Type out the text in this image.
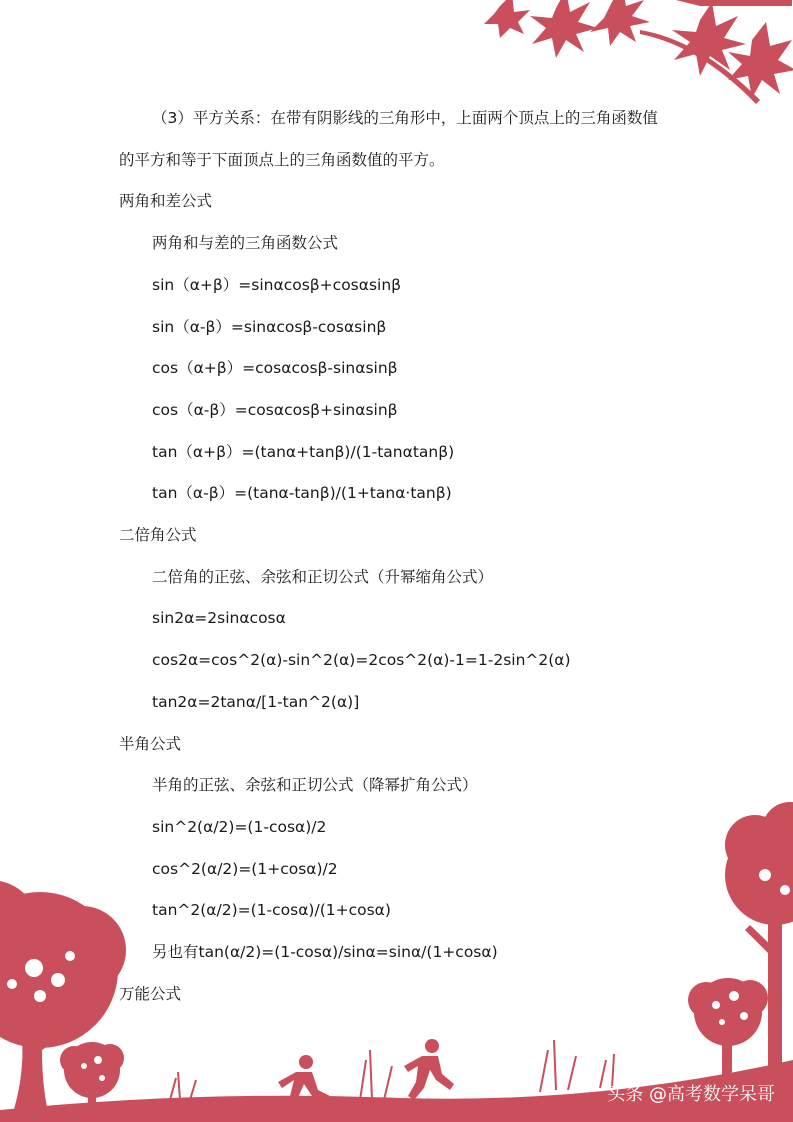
（3）平方关系：在带有阴影线的三角形中，上面两个顶点上的三角函数值
的平方和等于下面顶点上的三角函数值的平方。
两角和差公式
两角和与差的三角函数公式
sin（α+β）=sinαcosβ+cosαsinβ
sin（α-β）=sinαcosβ-cosαsinβ
cos（α+β）=cosαcosβ-sinαsinβ
cos（α-β）=cosαcosβ+sinαsinβ
tan（α+β）=(tanα+tanβ)/(1-tanαtanβ)
tan（α-β）=(tanα-tanβ)/(1+tanα·tanβ)
二倍角公式
二倍角的正弦、余弦和正切公式（升幂缩角公式）
sin2α=2sinαcosα
cos2α=cos^2(α)-sin^2(α)=2cos^2(α)-1=1-2sin^2(α)
tan2α=2tanα/[1-tan^2(α)]
半角公式
半角的正弦、余弦和正切公式（降幂扩角公式）
sin^2(α/2)=(1-cosα)/2
cos^2(α/2)=(1+cosα)/2
tan^2(α/2)=(1-cosα)/(1+cosα)
另也有tan(α/2)=(1-cosα)/sinα=sinα/(1+cosα)
万能公式
头条 @高考数学呆哥
